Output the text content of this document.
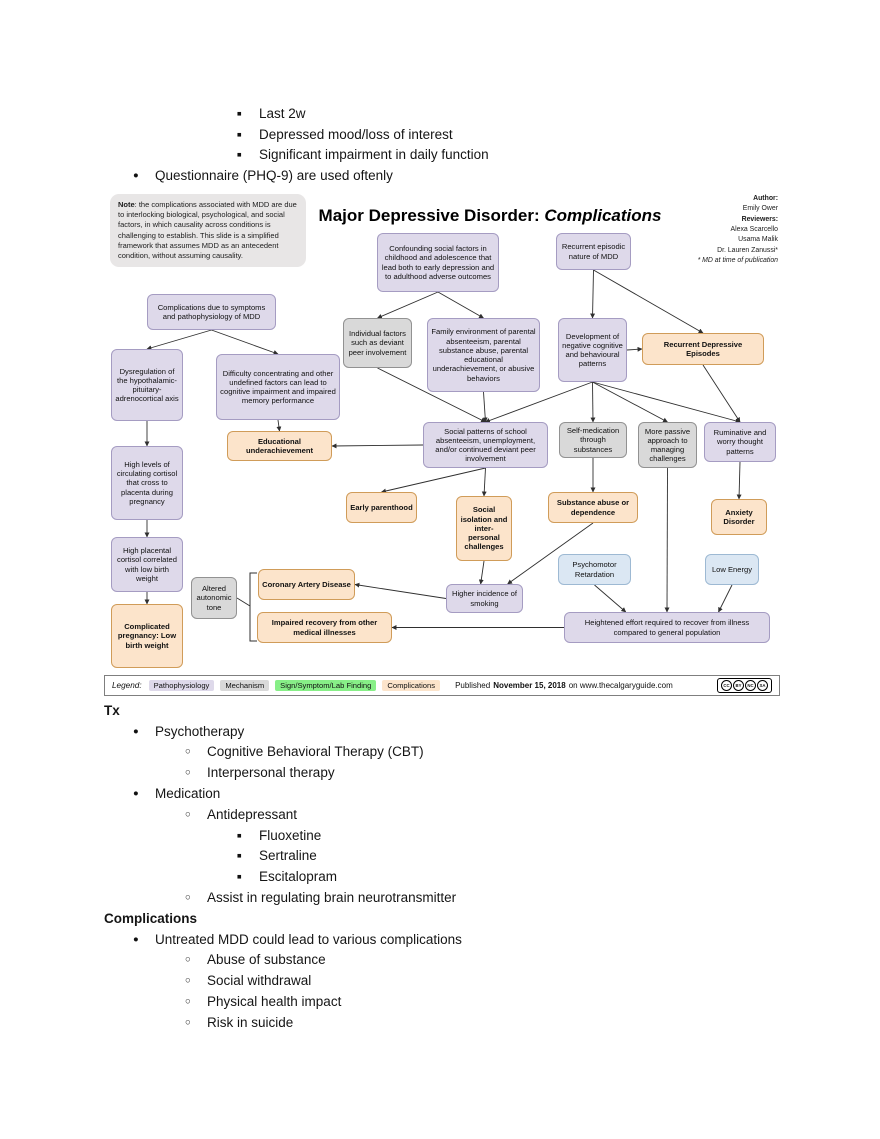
■	Last 2w
■	Depressed mood/loss of interest
■	Significant impairment in daily function
●	Questionnaire (PHQ-9) are used oftenly
Note: the complications associated with MDD are due to interlocking biological, psychological, and social factors, in which causality across conditions is challenging to establish. This slide is a simplified framework that assumes MDD as an antecedent condition, without assuming causality.
Major Depressive Disorder: Complications
Author:
Emily Ower
Reviewers:
Alexa Scarcello
Usama Malik
Dr. Lauren Zanussi*
* MD at time of publication
Legend:	Pathophysiology	Mechanism	Sign/Symptom/Lab Finding	Complications	Published November 15, 2018 on www.thecalgaryguide.com	CC	BY	NC	SA
Complications due to symptoms and pathophysiology of MDD
Confounding social factors in childhood and adolescence that lead both to early depression and to adulthood adverse outcomes
Recurrent episodic nature of MDD
Individual factors such as deviant peer involvement
Family environment of parental absenteeism, parental substance abuse, parental educational underachievement, or abusive behaviors
Development of negative cognitive and behavioural patterns
Recurrent Depressive Episodes
Dysregulation of the hypothalamic-pituitary-adrenocortical axis
Difficulty concentrating and other undefined factors can lead to cognitive impairment and impaired memory performance
Educational underachievement
Social patterns of school absenteeism, unemployment, and/or continued deviant peer involvement
Self-medication through substances
More passive approach to managing challenges
Ruminative and worry thought patterns
High levels of circulating cortisol that cross to placenta during pregnancy
Early parenthood	Social isolation and inter-personal challenges
Substance abuse or dependence	Anxiety Disorder
High placental cortisol correlated with low birth weight
Psychomotor Retardation
Altered autonomic tone
Coronary Artery Disease
Higher incidence of smoking
Low Energy
Complicated pregnancy: Low birth weight
Impaired recovery from other medical illnesses
Heightened effort required to recover from illness compared to general population
Tx
●	Psychotherapy
○	Cognitive Behavioral Therapy (CBT)
○	Interpersonal therapy
●	Medication
○	Antidepressant
■	Fluoxetine
■	Sertraline
■	Escitalopram
○	Assist in regulating brain neurotransmitter
Complications
●	Untreated MDD could lead to various complications
○	Abuse of substance
○	Social withdrawal
○	Physical health impact
○	Risk in suicide
